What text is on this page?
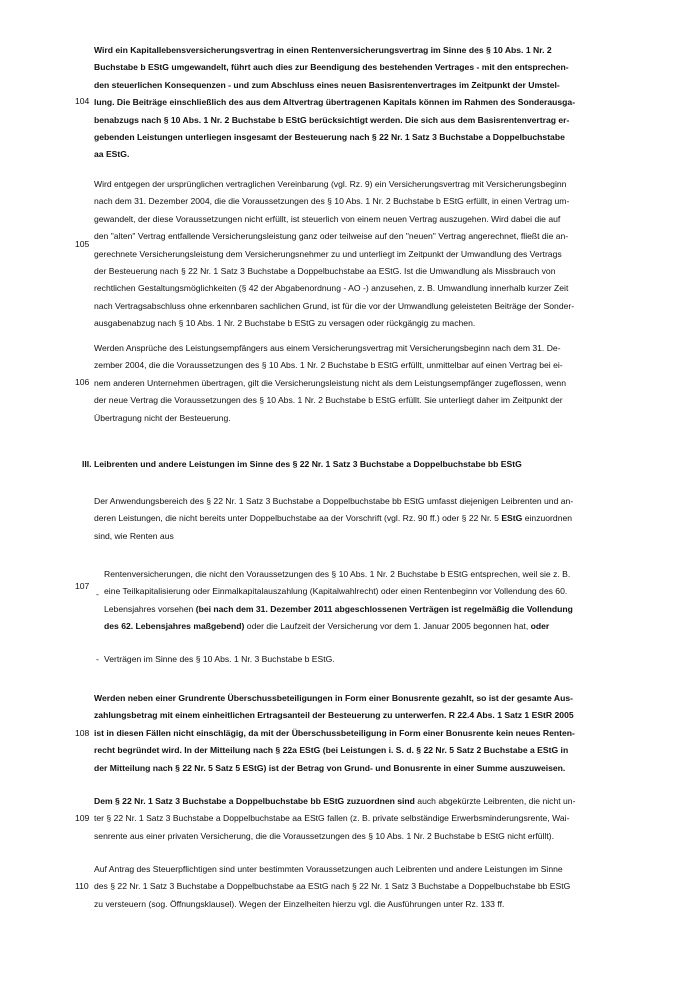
Wird ein Kapitallebensversicherungsvertrag in einen Rentenversicherungsvertrag im Sinne des § 10 Abs. 1 Nr. 2
Buchstabe b EStG umgewandelt, führt auch dies zur Beendigung des bestehenden Vertrages - mit den entsprechen-
den steuerlichen Konsequenzen - und zum Abschluss eines neuen Basisrentenvertrages im Zeitpunkt der Umstel-
lung. Die Beiträge einschließlich des aus dem Altvertrag übertragenen Kapitals können im Rahmen des Sonderausga-
benabzugs nach § 10 Abs. 1 Nr. 2 Buchstabe b EStG berücksichtigt werden. Die sich aus dem Basisrentenvertrag er-
gebenden Leistungen unterliegen insgesamt der Besteuerung nach § 22 Nr. 1 Satz 3 Buchstabe a Doppelbuchstabe
aa EStG.
104
Wird entgegen der ursprünglichen vertraglichen Vereinbarung (vgl. Rz. 9) ein Versicherungsvertrag mit Versicherungsbeginn
nach dem 31. Dezember 2004, die die Voraussetzungen des § 10 Abs. 1 Nr. 2 Buchstabe b EStG erfüllt, in einen Vertrag um-
gewandelt, der diese Voraussetzungen nicht erfüllt, ist steuerlich von einem neuen Vertrag auszugehen. Wird dabei die auf
den "alten" Vertrag entfallende Versicherungsleistung ganz oder teilweise auf den "neuen" Vertrag angerechnet, fließt die an-
gerechnete Versicherungsleistung dem Versicherungsnehmer zu und unterliegt im Zeitpunkt der Umwandlung des Vertrags
der Besteuerung nach § 22 Nr. 1 Satz 3 Buchstabe a Doppelbuchstabe aa EStG. Ist die Umwandlung als Missbrauch von
rechtlichen Gestaltungsmöglichkeiten (§ 42 der Abgabenordnung - AO -) anzusehen, z. B. Umwandlung innerhalb kurzer Zeit
nach Vertragsabschluss ohne erkennbaren sachlichen Grund, ist für die vor der Umwandlung geleisteten Beiträge der Sonder-
ausgabenabzug nach § 10 Abs. 1 Nr. 2 Buchstabe b EStG zu versagen oder rückgängig zu machen.
105
Werden Ansprüche des Leistungsempfängers aus einem Versicherungsvertrag mit Versicherungsbeginn nach dem 31. De-
zember 2004, die die Voraussetzungen des § 10 Abs. 1 Nr. 2 Buchstabe b EStG erfüllt, unmittelbar auf einen Vertrag bei ei-
nem anderen Unternehmen übertragen, gilt die Versicherungsleistung nicht als dem Leistungsempfänger zugeflossen, wenn
der neue Vertrag die Voraussetzungen des § 10 Abs. 1 Nr. 2 Buchstabe b EStG erfüllt. Sie unterliegt daher im Zeitpunkt der
Übertragung nicht der Besteuerung.
106
III. Leibrenten und andere Leistungen im Sinne des § 22 Nr. 1 Satz 3 Buchstabe a Doppelbuchstabe bb EStG
Der Anwendungsbereich des § 22 Nr. 1 Satz 3 Buchstabe a Doppelbuchstabe bb EStG umfasst diejenigen Leibrenten und an-
deren Leistungen, die nicht bereits unter Doppelbuchstabe aa der Vorschrift (vgl. Rz. 90 ff.) oder § 22 Nr. 5 EStG einzuordnen
sind, wie Renten aus
107
-
Rentenversicherungen, die nicht den Voraussetzungen des § 10 Abs. 1 Nr. 2 Buchstabe b EStG entsprechen, weil sie z. B.
eine Teilkapitalisierung oder Einmalkapitalauszahlung (Kapitalwahlrecht) oder einen Rentenbeginn vor Vollendung des 60.
Lebensjahres vorsehen (bei nach dem 31. Dezember 2011 abgeschlossenen Verträgen ist regelmäßig die Vollendung
des 62. Lebensjahres maßgebend) oder die Laufzeit der Versicherung vor dem 1. Januar 2005 begonnen hat, oder
- Verträgen im Sinne des § 10 Abs. 1 Nr. 3 Buchstabe b EStG.
Werden neben einer Grundrente Überschussbeteiligungen in Form einer Bonusrente gezahlt, so ist der gesamte Aus-
zahlungsbetrag mit einem einheitlichen Ertragsanteil der Besteuerung zu unterwerfen. R 22.4 Abs. 1 Satz 1 EStR 2005
ist in diesen Fällen nicht einschlägig, da mit der Überschussbeteiligung in Form einer Bonusrente kein neues Renten-
recht begründet wird. In der Mitteilung nach § 22a EStG (bei Leistungen i. S. d. § 22 Nr. 5 Satz 2 Buchstabe a EStG in
der Mitteilung nach § 22 Nr. 5 Satz 5 EStG) ist der Betrag von Grund- und Bonusrente in einer Summe auszuweisen.
108
Dem § 22 Nr. 1 Satz 3 Buchstabe a Doppelbuchstabe bb EStG zuzuordnen sind auch abgekürzte Leibrenten, die nicht un-
ter § 22 Nr. 1 Satz 3 Buchstabe a Doppelbuchstabe aa EStG fallen (z. B. private selbständige Erwerbsminderungsrente, Wai-
senrente aus einer privaten Versicherung, die die Voraussetzungen des § 10 Abs. 1 Nr. 2 Buchstabe b EStG nicht erfüllt).
109
Auf Antrag des Steuerpflichtigen sind unter bestimmten Voraussetzungen auch Leibrenten und andere Leistungen im Sinne
des § 22 Nr. 1 Satz 3 Buchstabe a Doppelbuchstabe aa EStG nach § 22 Nr. 1 Satz 3 Buchstabe a Doppelbuchstabe bb EStG
zu versteuern (sog. Öffnungsklausel). Wegen der Einzelheiten hierzu vgl. die Ausführungen unter Rz. 133 ff.
110
